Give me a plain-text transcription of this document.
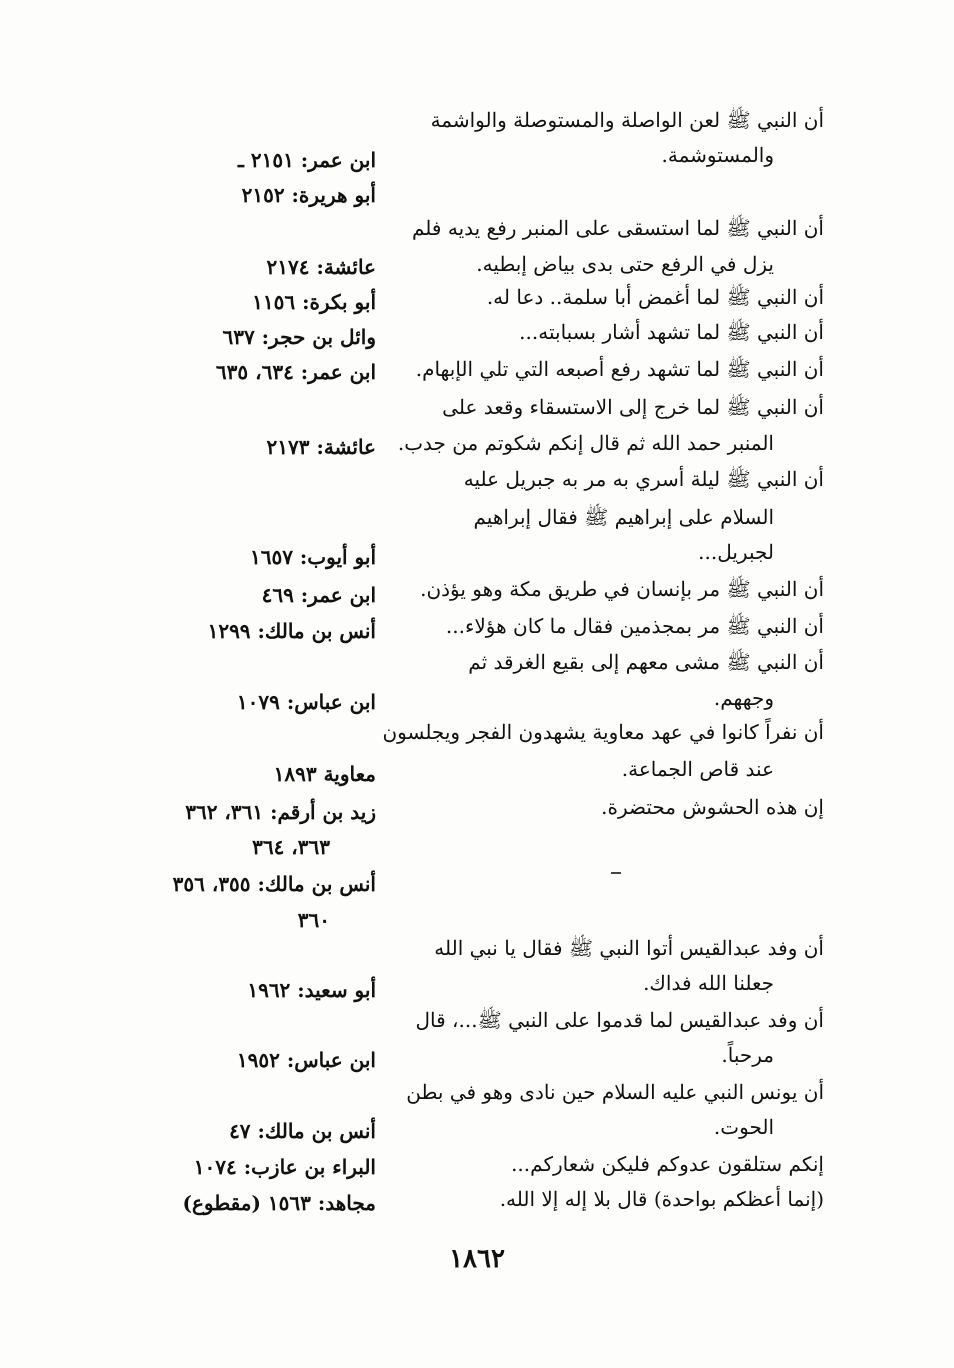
أن النبي ﷺ لعن الواصلة والمستوصلة والواشمة
والمستوشمة.
أن النبي ﷺ لما استسقى على المنبر رفع يديه فلم
يزل في الرفع حتى بدى بياض إبطيه.
أن النبي ﷺ لما أغمض أبا سلمة.. دعا له.
أن النبي ﷺ لما تشهد أشار بسبابته...
أن النبي ﷺ لما تشهد رفع أصبعه التي تلي الإبهام.
أن النبي ﷺ لما خرج إلى الاستسقاء وقعد على
المنبر حمد الله ثم قال إنكم شكوتم من جدب.
أن النبي ﷺ ليلة أسري به مر به جبريل عليه
السلام على إبراهيم ﷺ فقال إبراهيم
لجبريل...
أن النبي ﷺ مر بإنسان في طريق مكة وهو يؤذن.
أن النبي ﷺ مر بمجذمين فقال ما كان هؤلاء...
أن النبي ﷺ مشى معهم إلى بقيع الغرقد ثم
وجههم.
أن نفراً كانوا في عهد معاوية يشهدون الفجر ويجلسون
عند قاص الجماعة.
إن هذه الحشوش محتضرة.
أن وفد عبدالقيس أتوا النبي ﷺ فقال يا نبي الله
جعلنا الله فداك.
أن وفد عبدالقيس لما قدموا على النبي ﷺ...، قال
مرحباً.
أن يونس النبي عليه السلام حين نادى وهو في بطن
الحوت.
إنكم ستلقون عدوكم فليكن شعاركم...
(إنما أعظكم بواحدة) قال بلا إله إلا الله.
ابن عمر: ٢١٥١ ـ
أبو هريرة: ٢١٥٢
عائشة: ٢١٧٤
أبو بكرة: ١١٥٦
وائل بن حجر: ٦٣٧
ابن عمر: ٦٣٤، ٦٣٥
عائشة: ٢١٧٣
أبو أيوب: ١٦٥٧
ابن عمر: ٤٦٩
أنس بن مالك: ١٢٩٩
ابن عباس: ١٠٧٩
معاوية ١٨٩٣
زيد بن أرقم: ٣٦١، ٣٦٢
٣٦٣، ٣٦٤
أنس بن مالك: ٣٥٥، ٣٥٦
٣٦٠
أبو سعيد: ١٩٦٢
ابن عباس: ١٩٥٢
أنس بن مالك: ٤٧
البراء بن عازب: ١٠٧٤
مجاهد: ١٥٦٣ (مقطوع)
١٨٦٢
